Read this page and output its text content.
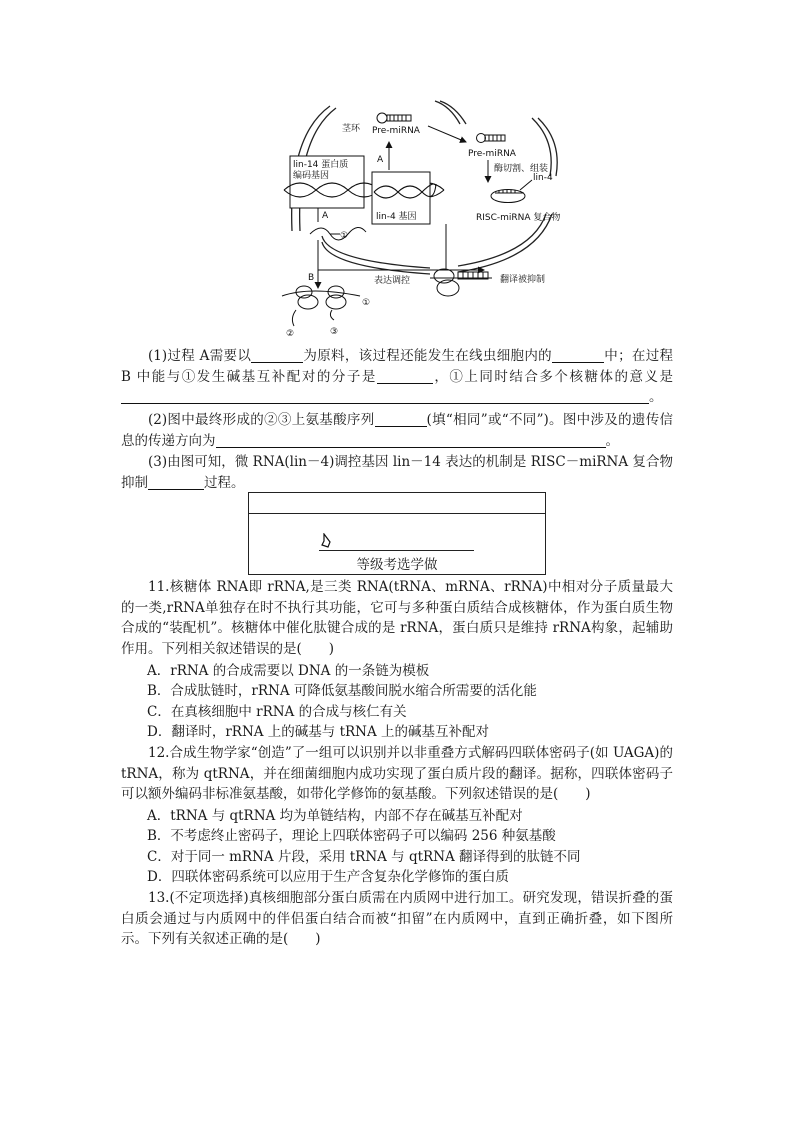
茎环 Pre-miRNA
Pre-miRNA
酶切割、组装
lin-4
RISC-miRNA 复合物
lin-14 蛋白质
编码基因
lin-4 基因
A
A
①
B	表达调控
①
②	③
翻译被抑制
(1)过程 A需要以	为原料，该过程还能发生在线虫细胞内的	中；在过程 B 中能与①发生碱基互补配对的分子是	，①上同时结合多个核糖体的意义是。
(2)图中最终形成的②③上氨基酸序列	(填“相同”或“不同”)。图中涉及的遗传信息的传递方向为	。
(3)由图可知，微 RNA(lin－4)调控基因 lin－14 表达的机制是 RISC－miRNA 复合物抑制	过程。
等级考选学做
11.核糖体 RNA即 rRNA,是三类 RNA(tRNA、mRNA、rRNA)中相对分子质量最大的一类,rRNA单独存在时不执行其功能，它可与多种蛋白质结合成核糖体，作为蛋白质生物合成的“装配机”。核糖体中催化肽键合成的是 rRNA，蛋白质只是维持 rRNA构象，起辅助作用。下列相关叙述错误的是(　　)
A．rRNA 的合成需要以 DNA 的一条链为模板
B．合成肽链时，rRNA 可降低氨基酸间脱水缩合所需要的活化能
C．在真核细胞中 rRNA 的合成与核仁有关
D．翻译时，rRNA 上的碱基与 tRNA 上的碱基互补配对
12.合成生物学家“创造”了一组可以识别并以非重叠方式解码四联体密码子(如 UAGA)的 tRNA，称为 qtRNA，并在细菌细胞内成功实现了蛋白质片段的翻译。据称，四联体密码子可以额外编码非标准氨基酸，如带化学修饰的氨基酸。下列叙述错误的是(　　)
A．tRNA 与 qtRNA 均为单链结构，内部不存在碱基互补配对
B．不考虑终止密码子，理论上四联体密码子可以编码 256 种氨基酸
C．对于同一 mRNA 片段，采用 tRNA 与 qtRNA 翻译得到的肽链不同
D．四联体密码系统可以应用于生产含复杂化学修饰的蛋白质
13.(不定项选择)真核细胞部分蛋白质需在内质网中进行加工。研究发现，错误折叠的蛋白质会通过与内质网中的伴侣蛋白结合而被“扣留”在内质网中，直到正确折叠，如下图所示。下列有关叙述正确的是(　　)
